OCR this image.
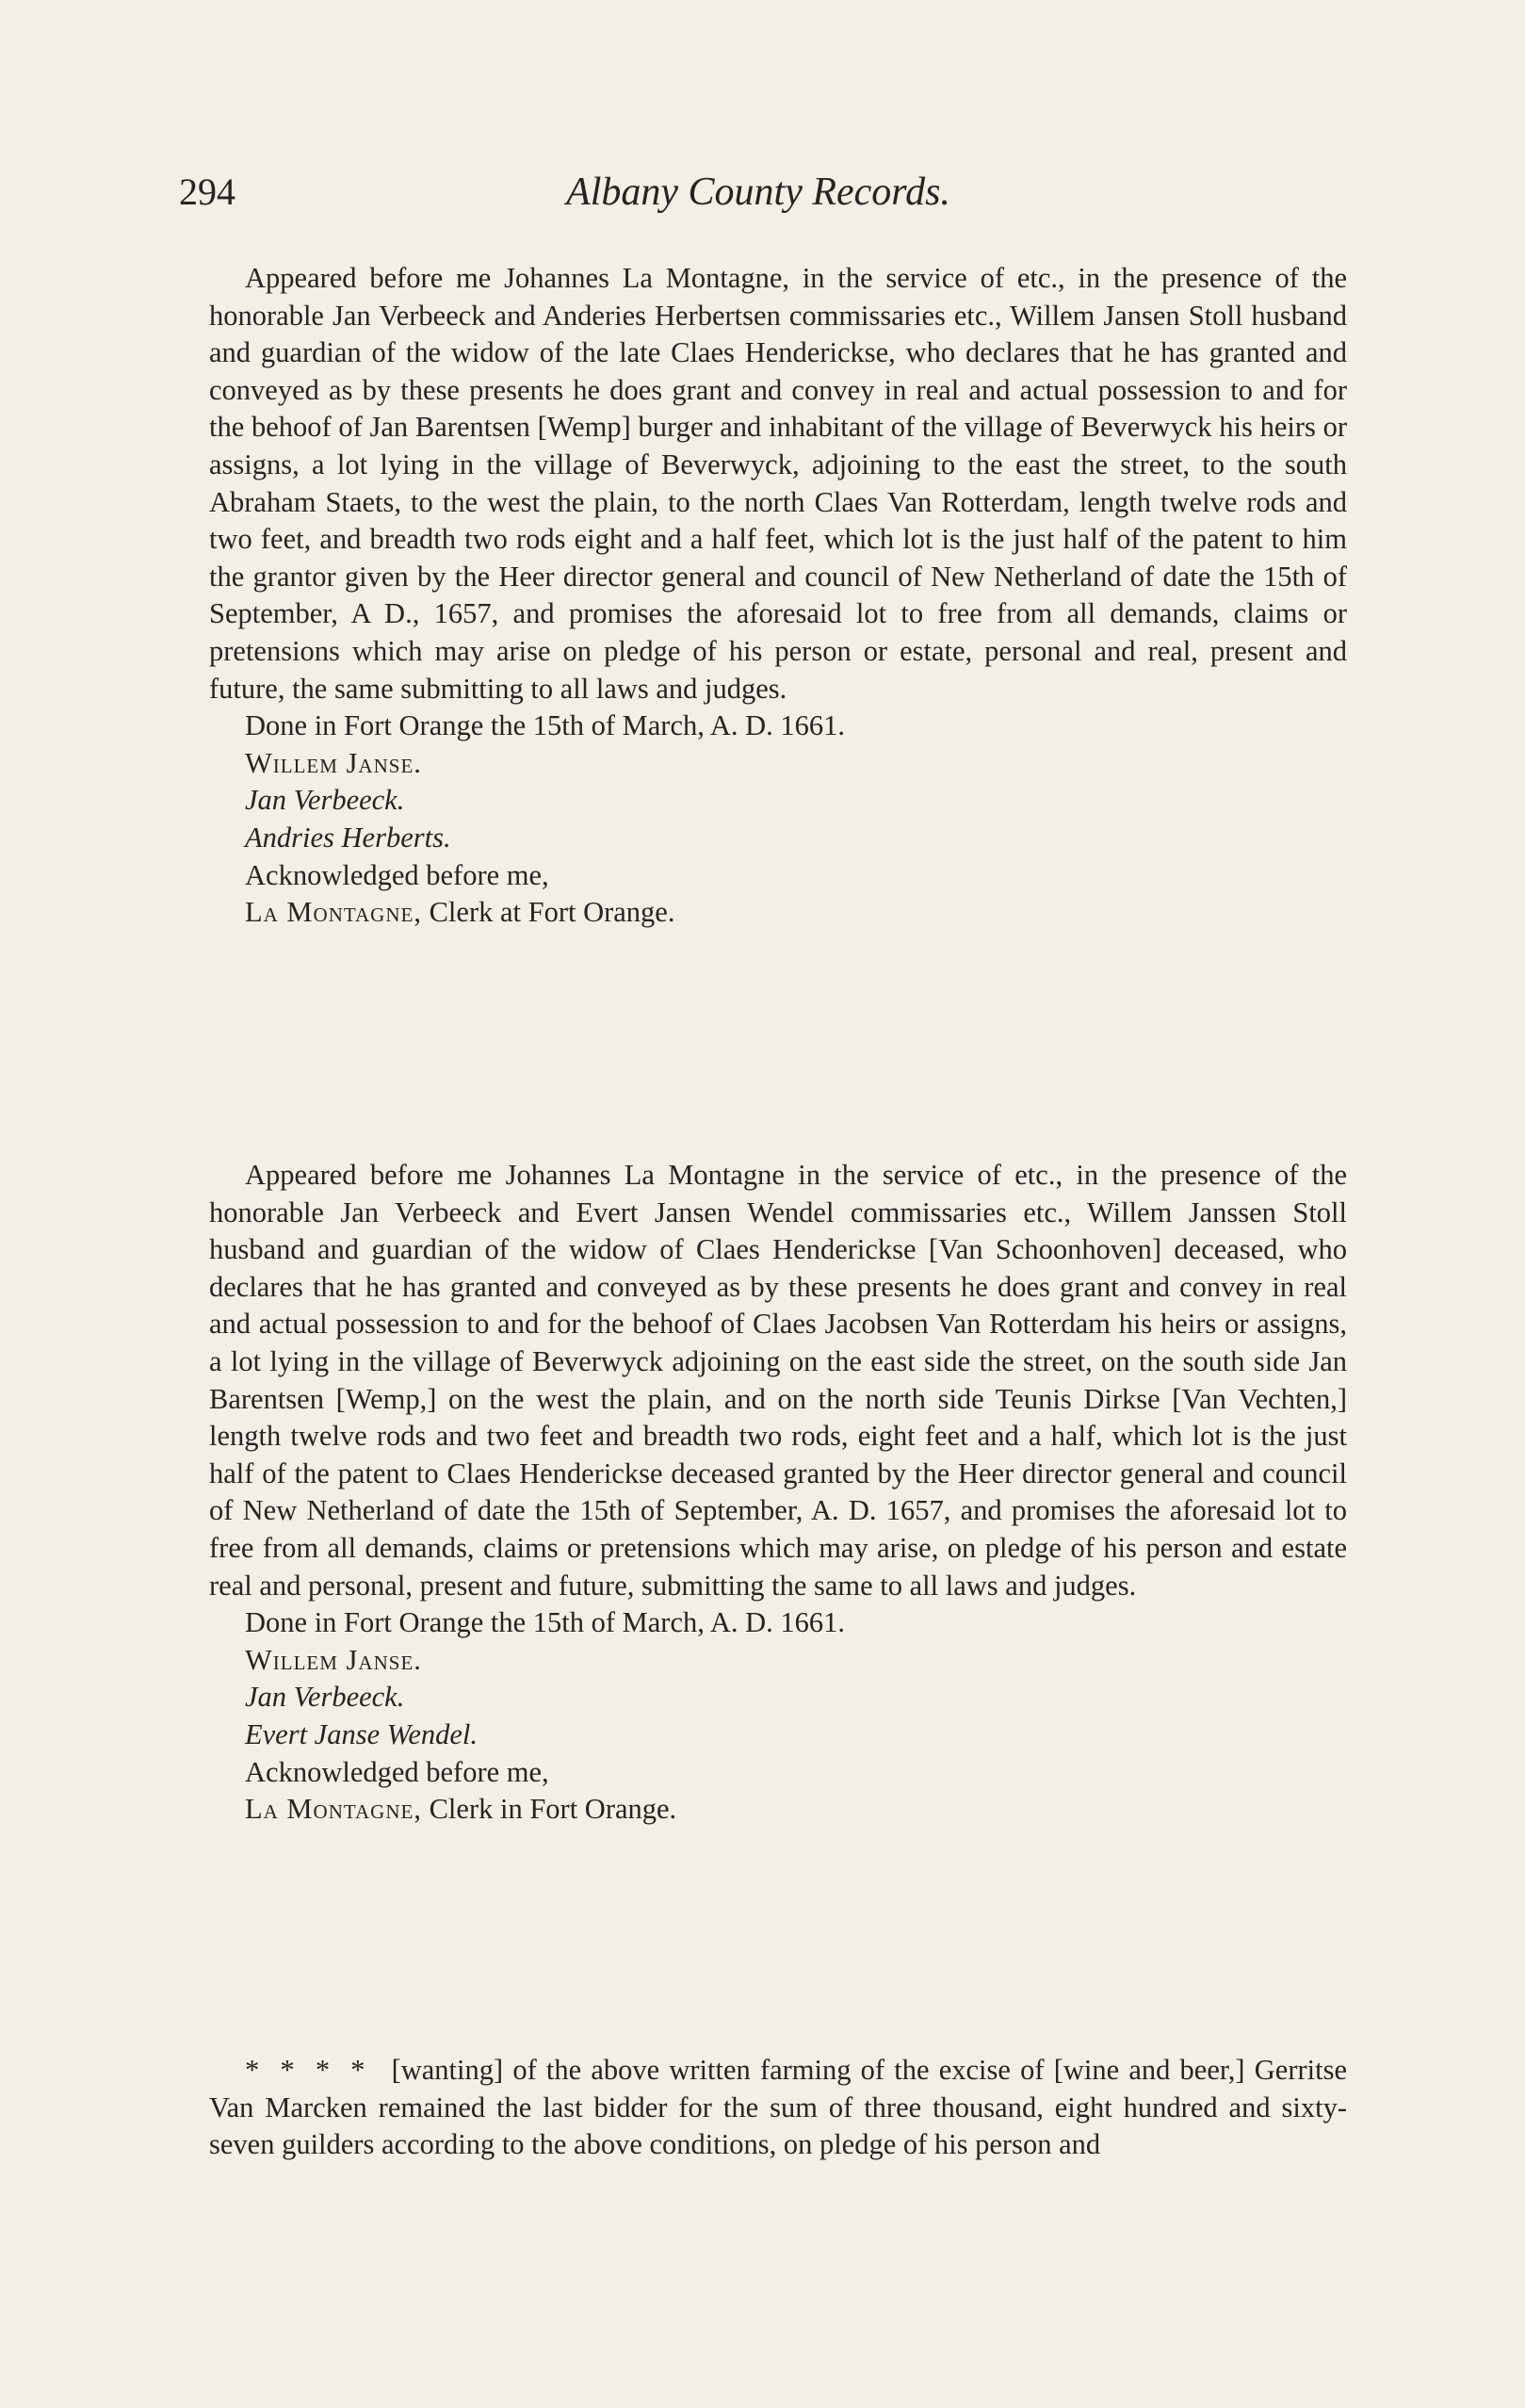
294	Albany County Records.

Appeared before me Johannes La Montagne, in the service of etc., in the presence of the honorable Jan Verbeeck and Anderies Herbertsen commissaries etc., Willem Jansen Stoll husband and guardian of the widow of the late Claes Henderickse, who declares that he has granted and conveyed as by these presents he does grant and convey in real and actual possession to and for the behoof of Jan Barentsen [Wemp] burger and inhabitant of the village of Beverwyck his heirs or assigns, a lot lying in the village of Beverwyck, adjoining to the east the street, to the south Abraham Staets, to the west the plain, to the north Claes Van Rotterdam, length twelve rods and two feet, and breadth two rods eight and a half feet, which lot is the just half of the patent to him the grantor given by the Heer director general and council of New Netherland of date the 15th of September, A D., 1657, and promises the aforesaid lot to free from all demands, claims or pretensions which may arise on pledge of his person or estate, personal and real, present and future, the same submitting to all laws and judges.

Done in Fort Orange the 15th of March, A. D. 1661.

Willem Janse.

Jan Verbeeck.

Andries Herberts.

Acknowledged before me,

La Montagne, Clerk at Fort Orange.

Appeared before me Johannes La Montagne in the service of etc., in the presence of the honorable Jan Verbeeck and Evert Jansen Wendel commissaries etc., Willem Janssen Stoll husband and guardian of the widow of Claes Henderickse [Van Schoonhoven] deceased, who declares that he has granted and conveyed as by these presents he does grant and convey in real and actual possession to and for the behoof of Claes Jacobsen Van Rotterdam his heirs or assigns, a lot lying in the village of Beverwyck adjoining on the east side the street, on the south side Jan Barentsen [Wemp,] on the west the plain, and on the north side Teunis Dirkse [Van Vechten,] length twelve rods and two feet and breadth two rods, eight feet and a half, which lot is the just half of the patent to Claes Henderickse deceased granted by the Heer director general and council of New Netherland of date the 15th of September, A. D. 1657, and promises the aforesaid lot to free from all demands, claims or pretensions which may arise, on pledge of his person and estate real and personal, present and future, submitting the same to all laws and judges.

Done in Fort Orange the 15th of March, A. D. 1661.

Willem Janse.

Jan Verbeeck.

Evert Janse Wendel.

Acknowledged before me,

La Montagne, Clerk in Fort Orange.

* * * * [wanting] of the above written farming of the excise of [wine and beer,] Gerritse Van Marcken remained the last bidder for the sum of three thousand, eight hundred and sixty-seven guilders according to the above conditions, on pledge of his person and
